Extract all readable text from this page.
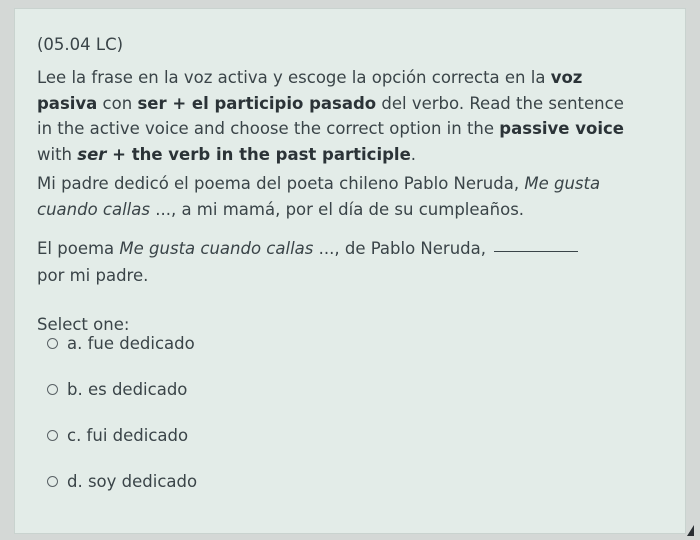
(05.04 LC)
Lee la frase en la voz activa y escoge la opción correcta en la voz pasiva con ser + el participio pasado del verbo. Read the sentence in the active voice and choose the correct option in the passive voice with ser + the verb in the past participle.
Mi padre dedicó el poema del poeta chileno Pablo Neruda, Me gusta cuando callas ..., a mi mamá, por el día de su cumpleaños.
El poema Me gusta cuando callas ..., de Pablo Neruda,
por mi padre.
Select one:
a. fue dedicado
b. es dedicado
c. fui dedicado
d. soy dedicado
